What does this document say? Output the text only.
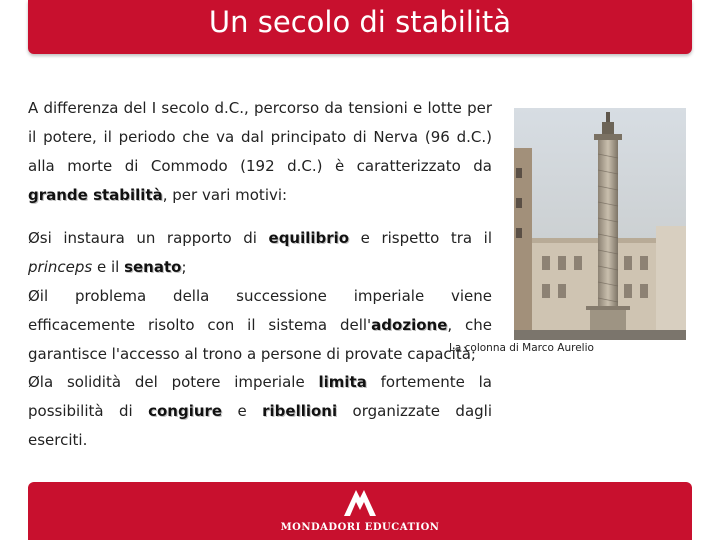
Un secolo di stabilità

A differenza del I secolo d.C., percorso da tensioni e lotte per il potere, il periodo che va dal principato di Nerva (96 d.C.) alla morte di Commodo (192 d.C.) è caratterizzato da grande stabilità, per vari motivi:

Øsi instaura un rapporto di equilibrio e rispetto tra il princeps e il senato;

Øil problema della successione imperiale viene efficacemente risolto con il sistema dell'adozione, che garantisce l'accesso al trono a persone di provate capacità;

Øla solidità del potere imperiale limita fortemente la possibilità di congiure e ribellioni organizzate dagli eserciti.

La colonna di Marco Aurelio
MONDADORI EDUCATION
